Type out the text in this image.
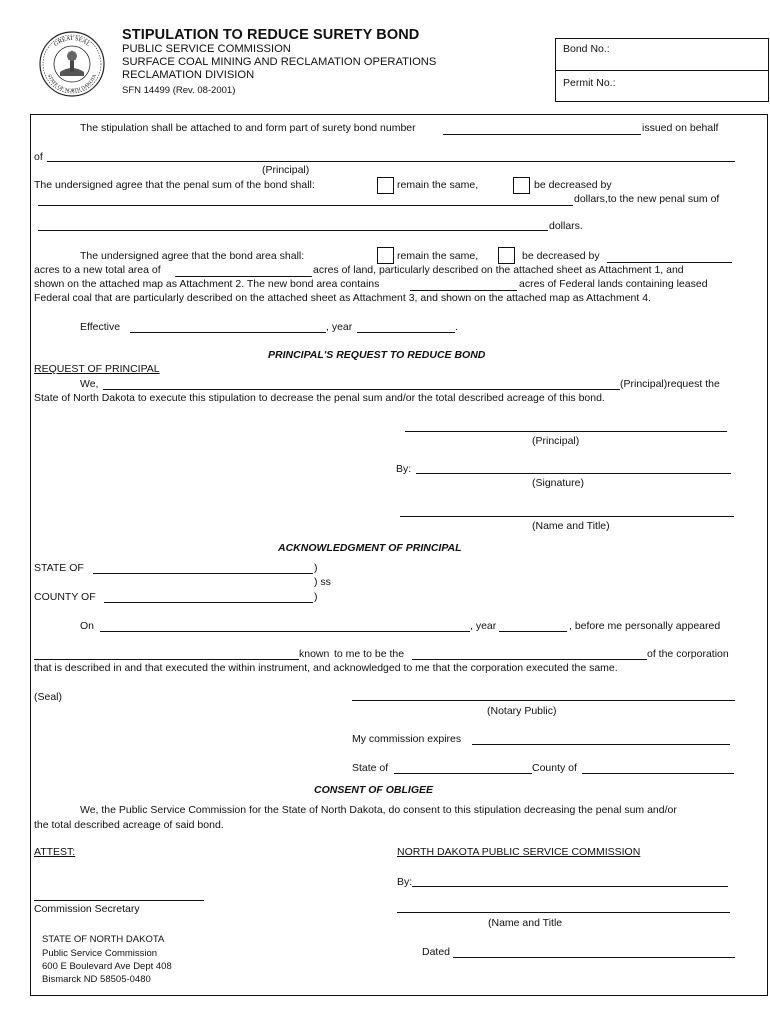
GREAT SEAL
STATE OF NORTH DAKOTA
STIPULATION TO REDUCE SURETY BOND
PUBLIC SERVICE COMMISSION
SURFACE COAL MINING AND RECLAMATION OPERATIONS
RECLAMATION DIVISION
SFN 14499 (Rev. 08-2001)
Bond No.:
Permit No.:
The stipulation shall be attached to and form part of surety bond number	issued on behalf
of
(Principal)
The undersigned agree that the penal sum of the bond shall:	remain the same,	be decreased by
dollars,to the new penal sum of
dollars.
The undersigned agree that the bond area shall:	remain the same,	be decreased by
acres to a new total area of	acres of land, particularly described on the attached sheet as Attachment 1, and
shown on the attached map as Attachment 2. The new bond area contains	acres of Federal lands containing leased
Federal coal that are particularly described on the attached sheet as Attachment 3, and shown on the attached map as Attachment 4.
Effective	, year	.
PRINCIPAL'S REQUEST TO REDUCE BOND
REQUEST OF PRINCIPAL
We,	(Principal)request the
State of North Dakota to execute this stipulation to decrease the penal sum and/or the total described acreage of this bond.
(Principal)
By:
(Signature)
(Name and Title)
ACKNOWLEDGMENT OF PRINCIPAL
STATE OF	)
) ss
COUNTY OF	)
On	, year	, before me personally appeared
known to me to be the	of the corporation
that is described in and that executed the within instrument, and acknowledged to me that the corporation executed the same.
(Seal)
(Notary Public)
My commission expires
State of	County of
CONSENT OF OBLIGEE
We, the Public Service Commission for the State of North Dakota, do consent to this stipulation decreasing the penal sum and/or
the total described acreage of said bond.
ATTEST:	NORTH DAKOTA PUBLIC SERVICE COMMISSION
By:
Commission Secretary
(Name and Title
Dated
STATE OF NORTH DAKOTA
Public Service Commission
600 E Boulevard Ave Dept 408
Bismarck ND 58505-0480
